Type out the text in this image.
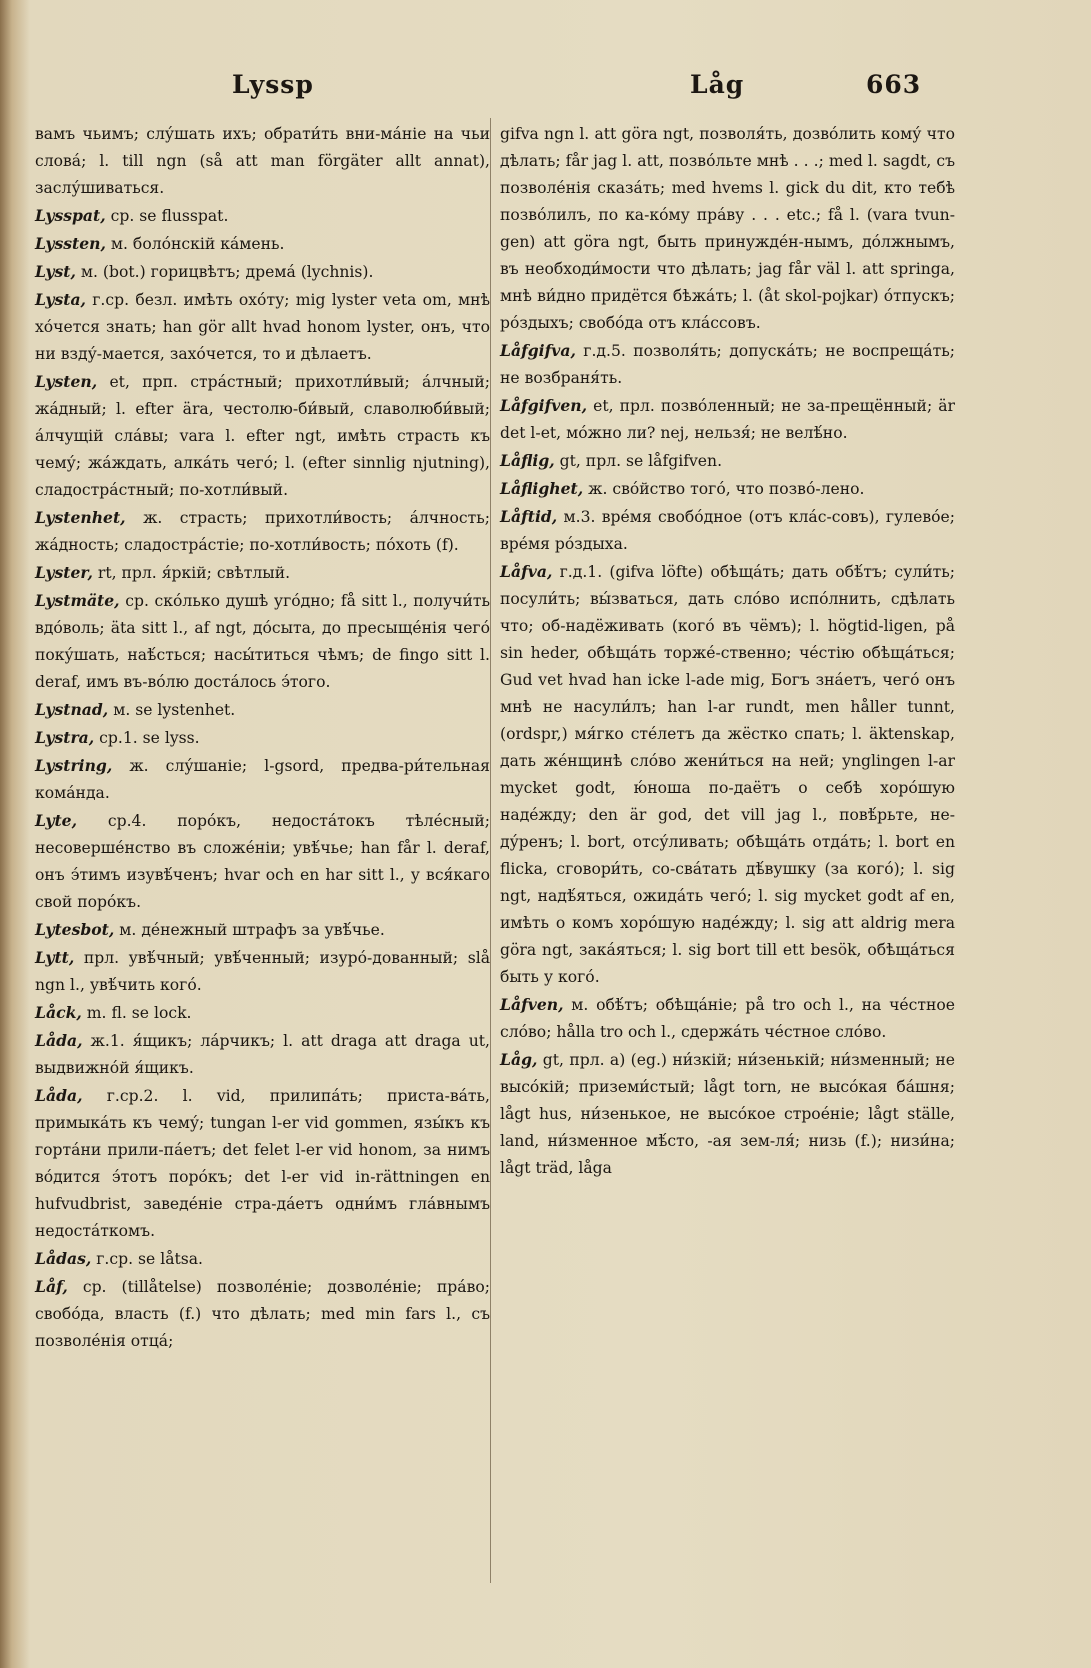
Lyssp	Låg	663

вамъ чьимъ; слу́шать ихъ; обрати́ть вни-ма́ніе на чьи слова́; l. till ngn (så att man förgäter allt annat), заслу́шиваться.

Lysspat, ср. se flusspat.

Lyssten, м. боло́нскій ка́мень.

Lyst, м. (bot.) горицвѣтъ; дрема́ (lychnis).

Lysta, г.ср. безл. имѣть охо́ту; mig lyster veta om, мнѣ хо́чется знать; han gör allt hvad honom lyster, онъ, что ни взду́-мается, захо́чется, то и дѣлаетъ.

Lysten, et, прп. стра́стный; прихотли́вый; а́лчный; жа́дный; l. efter ära, честолю-би́вый, славолюби́вый; а́лчущій сла́вы; vara l. efter ngt, имѣть страсть къ чему́; жа́ждать, алка́ть чего́; l. (efter sinnlig njutning), сладостра́стный; по-хотли́вый.

Lystenhet, ж. страсть; прихотли́вость; а́лчность; жа́дность; сладостра́стіе; по-хотли́вость; по́хоть (f).

Lyster, rt, прл. я́ркій; свѣтлый.

Lystmäte, ср. ско́лько душѣ уго́дно; få sitt l., получи́ть вдо́воль; äta sitt l., af ngt, до́сыта, до пресыще́нія чего́ поку́шать, наѣ́сться; насы́титься чѣмъ; de fingo sitt l. deraf, имъ въ-во́лю доста́лось э́того.

Lystnad, м. se lystenhet.

Lystra, ср.1. se lyss.

Lystring, ж. слу́шаніе; l-gsord, предва-ри́тельная кома́нда.

Lyte, ср.4. поро́къ, недоста́токъ тѣле́сный; несоверше́нство въ сложе́ніи; увѣ́чье; han får l. deraf, онъ э́тимъ изувѣ́ченъ; hvar och en har sitt l., у вся́каго свой поро́къ.

Lytesbot, м. де́нежный штрафъ за увѣ́чье.

Lytt, прл. увѣ́чный; увѣ́ченный; изуро́-дованный; slå ngn l., увѣ́чить кого́.

Låck, m. fl. se lock.

Låda, ж.1. я́щикъ; ла́рчикъ; l. att draga att draga ut, выдвижно́й я́щикъ.

Låda, г.ср.2. l. vid, прилипа́ть; приста-ва́ть, примыка́ть къ чему́; tungan l-er vid gommen, язы́къ къ горта́ни прили-па́етъ; det felet l-er vid honom, за нимъ во́дится э́тотъ поро́къ; det l-er vid in-rättningen en hufvudbrist, заведе́ніе стра-да́етъ одни́мъ гла́внымъ недоста́ткомъ.

Lådas, г.ср. se låtsa.

Låf, ср. (tillåtelse) позволе́ніе; дозволе́ніе; пра́во; свобо́да, власть (f.) что дѣлать; med min fars l., съ позволе́нія отца́;

gifva ngn l. att göra ngt, позволя́ть, дозво́лить кому́ что дѣлать; får jag l. att, позво́льте мнѣ . . .; med l. sagdt, съ позволе́нія сказа́ть; med hvems l. gick du dit, кто тебѣ позво́лилъ, по ка-ко́му пра́ву . . . etc.; få l. (vara tvun-gen) att göra ngt, быть принужде́н-нымъ, до́лжнымъ, въ необходи́мости что дѣлать; jag får väl l. att springa, мнѣ ви́дно придётся бѣжа́ть; l. (åt skol-pojkar) о́тпускъ; ро́здыхъ; свобо́да отъ кла́ссовъ.

Låfgifva, г.д.5. позволя́ть; допуска́ть; не воспреща́ть; не возбраня́ть.

Låfgifven, et, прл. позво́ленный; не за-прещённый; är det l-et, мо́жно ли? nej, нельзя́; не велѣ́но.

Låflig, gt, прл. se låfgifven.

Låflighet, ж. сво́йство того́, что позво́-лено.

Låftid, м.3. вре́мя свобо́дное (отъ кла́с-совъ), гулево́е; вре́мя ро́здыха.

Låfva, г.д.1. (gifva löfte) обѣща́ть; дать обѣ́тъ; сули́ть; посули́ть; вы́зваться, дать сло́во испо́лнить, сдѣлать что; об-надёживать (кого́ въ чёмъ); l. högtid-ligen, på sin heder, обѣща́ть торже́-ственно; че́стію обѣща́ться; Gud vet hvad han icke l-ade mig, Богъ зна́етъ, чего́ онъ мнѣ не насули́лъ; han l-ar rundt, men håller tunnt, (ordspr,) мя́гко сте́летъ да жёстко спать; l. äktenskap, дать же́нщинѣ сло́во жени́ться на ней; ynglingen l-ar mycket godt, ю́ноша по-даётъ о себѣ хоро́шую наде́жду; den är god, det vill jag l., повѣ́рьте, не-ду́ренъ; l. bort, отсу́ливать; обѣща́ть отда́ть; l. bort en flicka, сговори́ть, со-сва́тать дѣ́вушку (за кого́); l. sig ngt, надѣ́яться, ожида́ть чего́; l. sig mycket godt af en, имѣть о комъ хоро́шую наде́жду; l. sig att aldrig mera göra ngt, зака́яться; l. sig bort till ett besök, обѣща́ться быть у кого́.

Låfven, м. обѣ́тъ; обѣща́ніе; på tro och l., на че́стное сло́во; hålla tro och l., сдержа́ть че́стное сло́во.

Låg, gt, прл. а) (eg.) ни́зкій; ни́зенькій; ни́зменный; не высо́кій; приземи́стый; lågt torn, не высо́кая ба́шня; lågt hus, ни́зенькое, не высо́кое строе́ніе; lågt ställe, land, ни́зменное мѣ́сто, -ая зем-ля́; низь (f.); низи́на; lågt träd, låga
